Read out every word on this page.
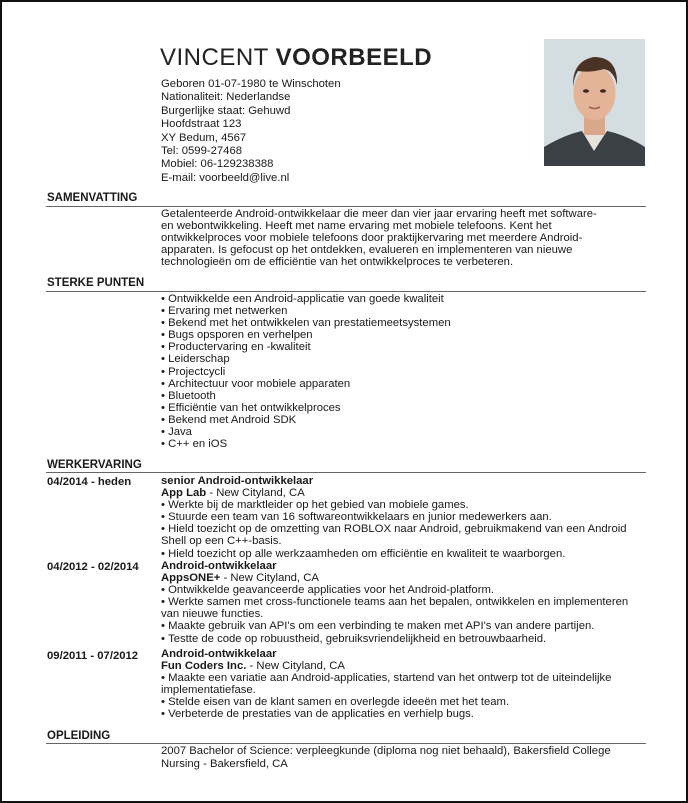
VINCENT VOORBEELD
Geboren 01-07-1980 te Winschoten
Nationaliteit: Nederlandse
Burgerlijke staat: Gehuwd
Hoofdstraat 123
XY Bedum, 4567
Tel: 0599-27468
Mobiel: 06-129238388
E-mail: voorbeeld@live.nl
SAMENVATTING
Getalenteerde Android-ontwikkelaar die meer dan vier jaar ervaring heeft met software-
en webontwikkeling. Heeft met name ervaring met mobiele telefoons. Kent het
ontwikkelproces voor mobiele telefoons door praktijkervaring met meerdere Android-
apparaten. Is gefocust op het ontdekken, evalueren en implementeren van nieuwe
technologieën om de efficiëntie van het ontwikkelproces te verbeteren.
STERKE PUNTEN
• Ontwikkelde een Android-applicatie van goede kwaliteit
• Ervaring met netwerken
• Bekend met het ontwikkelen van prestatiemeetsystemen
• Bugs opsporen en verhelpen
• Productervaring en -kwaliteit
• Leiderschap
• Projectcycli
• Architectuur voor mobiele apparaten
• Bluetooth
• Efficiëntie van het ontwikkelproces
• Bekend met Android SDK
• Java
• C++ en iOS
WERKERVARING
04/2014 - heden	senior Android-ontwikkelaar
App Lab - New Cityland, CA
• Werkte bij de marktleider op het gebied van mobiele games.
• Stuurde een team van 16 softwareontwikkelaars en junior medewerkers aan.
• Hield toezicht op de omzetting van ROBLOX naar Android, gebruikmakend van een Android Shell op een C++-basis.
• Hield toezicht op alle werkzaamheden om efficiëntie en kwaliteit te waarborgen.
04/2012 - 02/2014 Android-ontwikkelaar
AppsONE+ - New Cityland, CA
• Ontwikkelde geavanceerde applicaties voor het Android-platform.
• Werkte samen met cross-functionele teams aan het bepalen, ontwikkelen en implementeren van nieuwe functies.
• Maakte gebruik van API's om een verbinding te maken met API's van andere partijen.
• Testte de code op robuustheid, gebruiksvriendelijkheid en betrouwbaarheid.
09/2011 - 07/2012 Android-ontwikkelaar
Fun Coders Inc. - New Cityland, CA
• Maakte een variatie aan Android-applicaties, startend van het ontwerp tot de uiteindelijke implementatiefase.
• Stelde eisen van de klant samen en overlegde ideeën met het team.
• Verbeterde de prestaties van de applicaties en verhielp bugs.
OPLEIDING
2007 Bachelor of Science: verpleegkunde (diploma nog niet behaald), Bakersfield College
Nursing - Bakersfield, CA
